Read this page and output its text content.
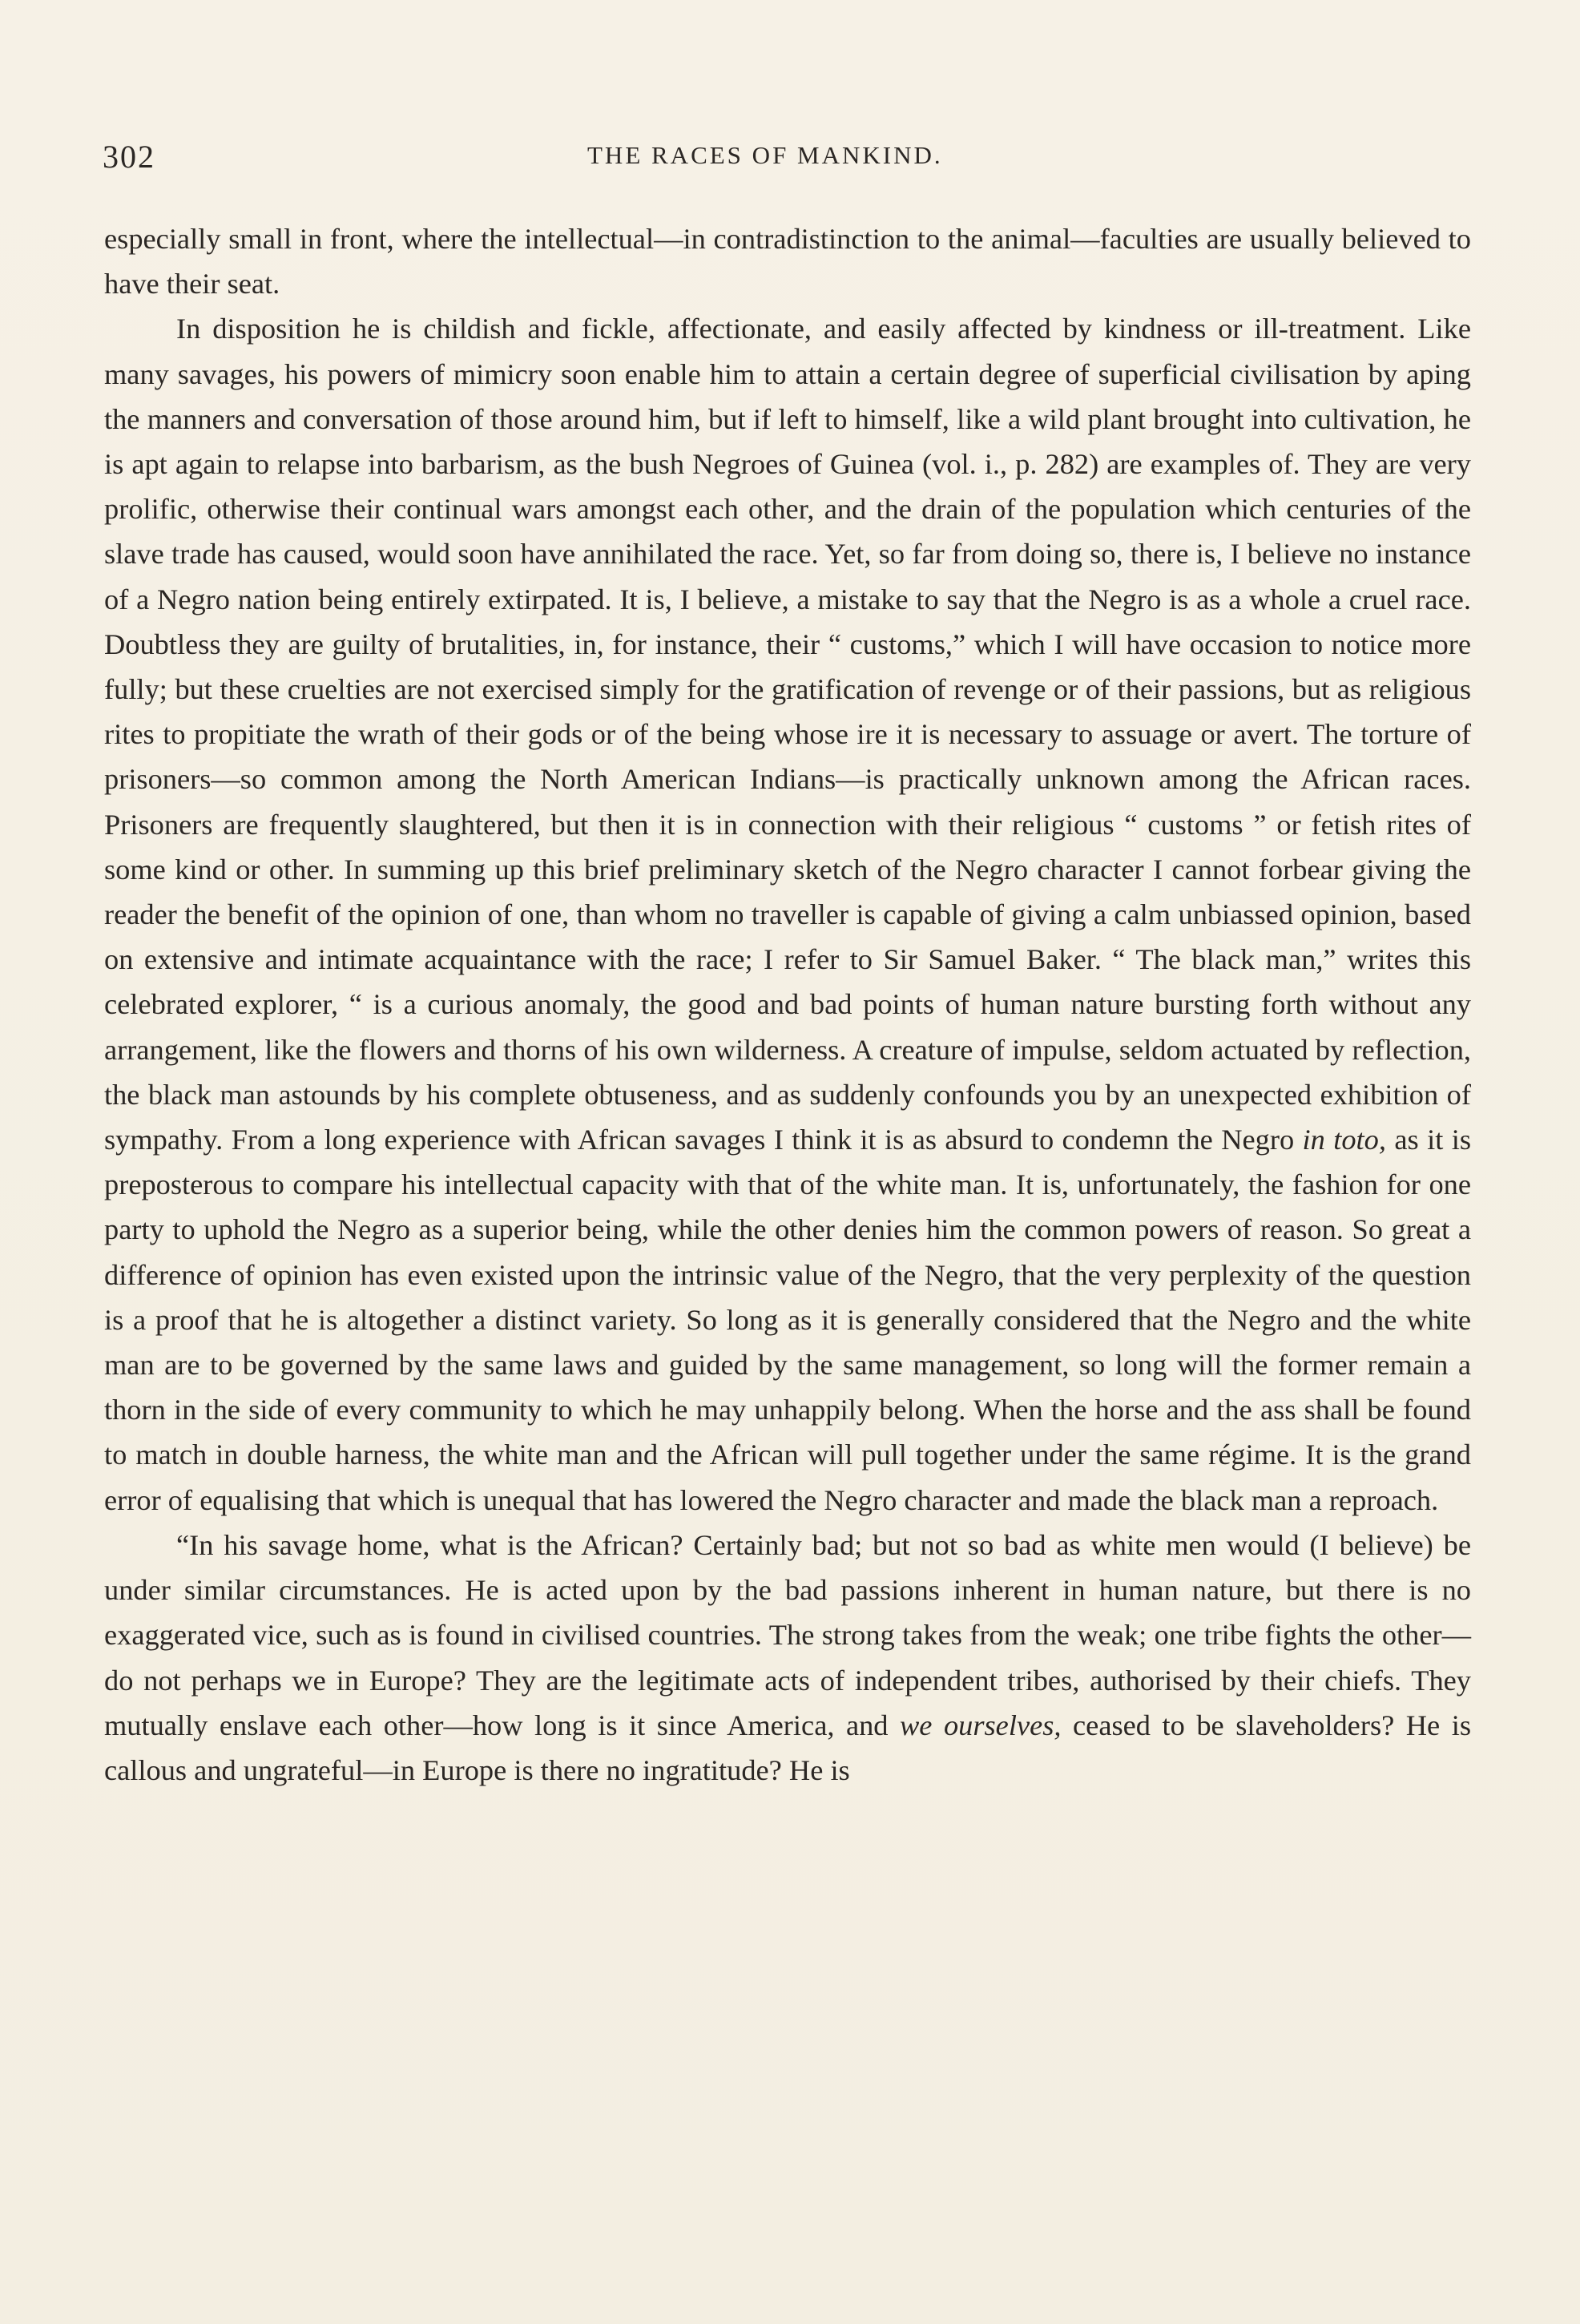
302	THE RACES OF MANKIND.

especially small in front, where the intellectual—in contradistinction to the animal—faculties are usually believed to have their seat.

In disposition he is childish and fickle, affectionate, and easily affected by kindness or ill-treatment. Like many savages, his powers of mimicry soon enable him to attain a certain degree of superficial civilisation by aping the manners and conversation of those around him, but if left to himself, like a wild plant brought into cultivation, he is apt again to relapse into barbarism, as the bush Negroes of Guinea (vol. i., p. 282) are examples of. They are very prolific, otherwise their continual wars amongst each other, and the drain of the population which centuries of the slave trade has caused, would soon have annihilated the race. Yet, so far from doing so, there is, I believe no instance of a Negro nation being entirely extirpated. It is, I believe, a mistake to say that the Negro is as a whole a cruel race. Doubtless they are guilty of brutalities, in, for instance, their “ customs,” which I will have occasion to notice more fully; but these cruelties are not exercised simply for the gratification of revenge or of their passions, but as religious rites to propitiate the wrath of their gods or of the being whose ire it is necessary to assuage or avert. The torture of prisoners—so common among the North American Indians—is practically unknown among the African races. Prisoners are frequently slaughtered, but then it is in connection with their religious “ customs ” or fetish rites of some kind or other. In summing up this brief preliminary sketch of the Negro character I cannot forbear giving the reader the benefit of the opinion of one, than whom no traveller is capable of giving a calm unbiassed opinion, based on extensive and intimate acquaintance with the race; I refer to Sir Samuel Baker. “ The black man,” writes this celebrated explorer, “ is a curious anomaly, the good and bad points of human nature bursting forth without any arrangement, like the flowers and thorns of his own wilderness. A creature of impulse, seldom actuated by reflection, the black man astounds by his complete obtuseness, and as suddenly confounds you by an unexpected exhibition of sympathy. From a long experience with African savages I think it is as absurd to condemn the Negro in toto, as it is preposterous to compare his intellectual capacity with that of the white man. It is, unfortunately, the fashion for one party to uphold the Negro as a superior being, while the other denies him the common powers of reason. So great a difference of opinion has even existed upon the intrinsic value of the Negro, that the very perplexity of the question is a proof that he is altogether a distinct variety. So long as it is generally considered that the Negro and the white man are to be governed by the same laws and guided by the same management, so long will the former remain a thorn in the side of every community to which he may unhappily belong. When the horse and the ass shall be found to match in double harness, the white man and the African will pull together under the same régime. It is the grand error of equalising that which is unequal that has lowered the Negro character and made the black man a reproach.

“In his savage home, what is the African? Certainly bad; but not so bad as white men would (I believe) be under similar circumstances. He is acted upon by the bad passions inherent in human nature, but there is no exaggerated vice, such as is found in civilised countries. The strong takes from the weak; one tribe fights the other—do not perhaps we in Europe? They are the legitimate acts of independent tribes, authorised by their chiefs. They mutually enslave each other—how long is it since America, and we ourselves, ceased to be slaveholders? He is callous and ungrateful—in Europe is there no ingratitude? He is
